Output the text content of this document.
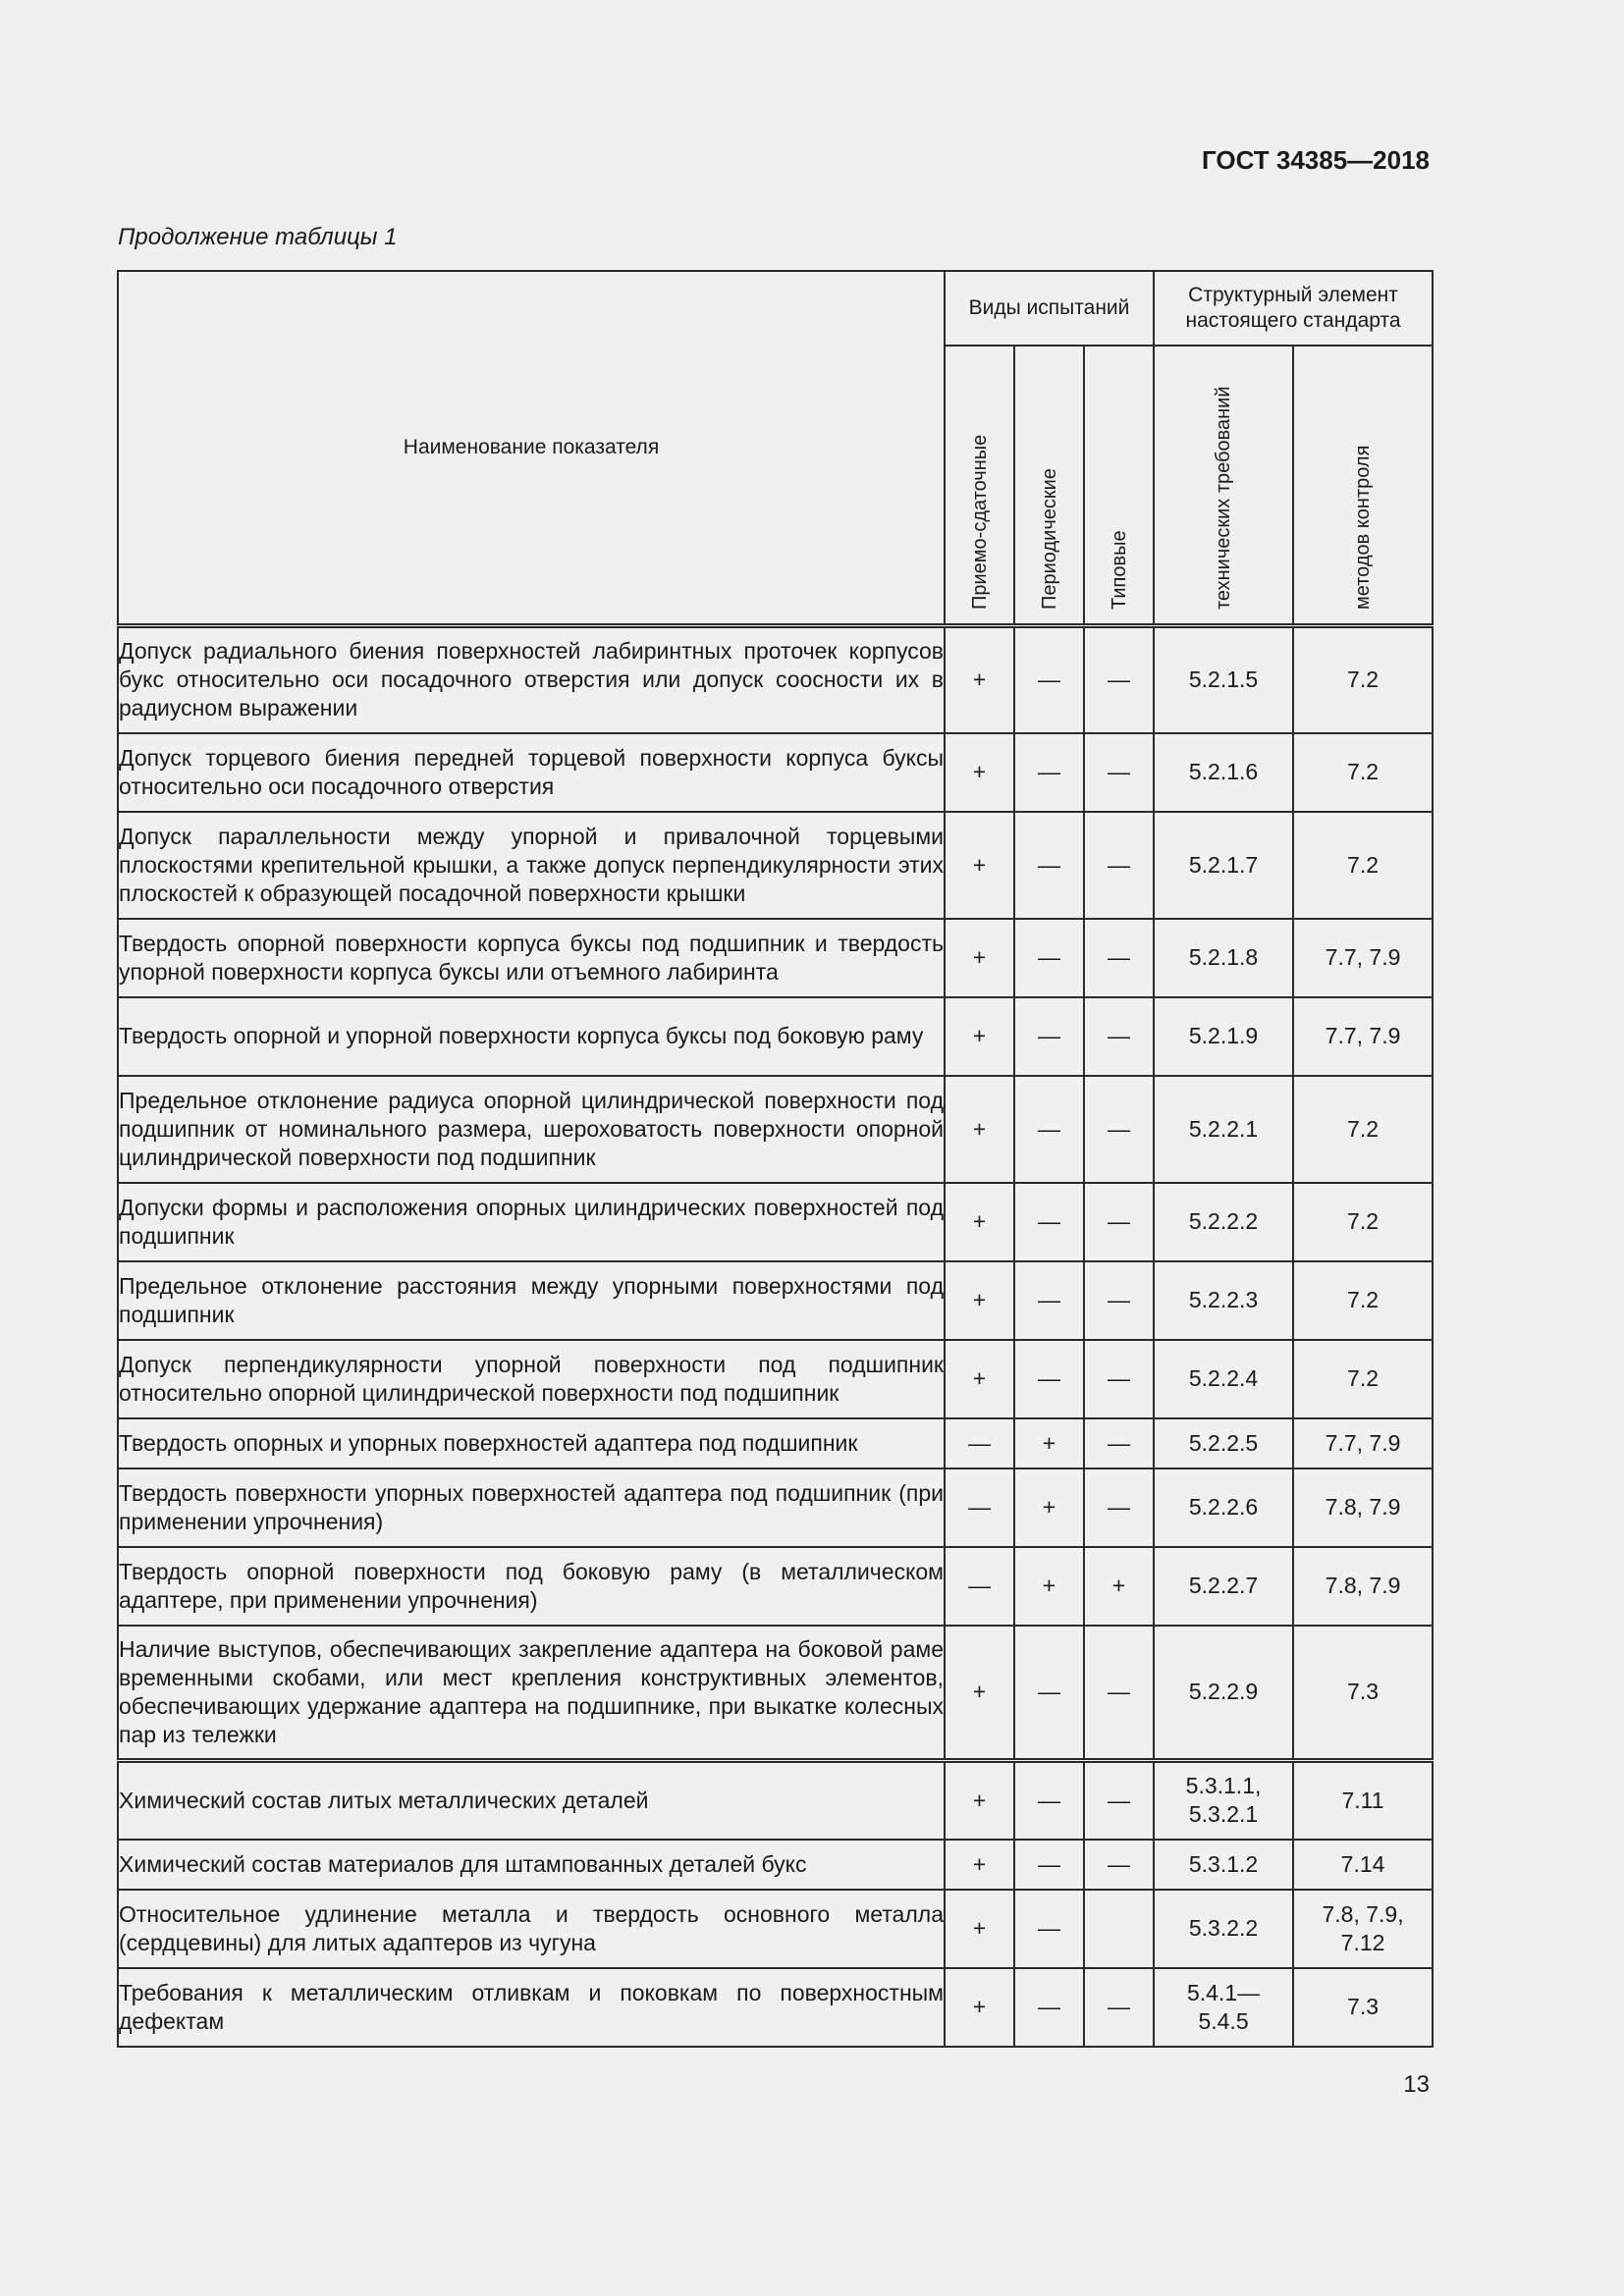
ГОСТ 34385—2018
Продолжение таблицы 1
Наименование показателя	Виды испытаний			Структурный элемент настоящего стандарта	

	Приемо-сдаточные	Периодические	Типовые	технических требований	методов контроля

Допуск радиального биения поверхностей лабиринтных проточек корпусов букс относительно оси посадочного отверстия или допуск соосности их в радиусном выражении	+	—	—	5.2.1.5	7.2
Допуск торцевого биения передней торцевой поверхности корпуса буксы относительно оси посадочного отверстия	+	—	—	5.2.1.6	7.2
Допуск параллельности между упорной и привалочной торцевыми плоскостями крепительной крышки, а также допуск перпендикулярности этих плоскостей к образующей посадочной поверхности крышки	+	—	—	5.2.1.7	7.2
Твердость опорной поверхности корпуса буксы под подшипник и твердость упорной поверхности корпуса буксы или отъемного лабиринта	+	—	—	5.2.1.8	7.7, 7.9
Твердость опорной и упорной поверхности корпуса буксы под боковую раму	+	—	—	5.2.1.9	7.7, 7.9
Предельное отклонение радиуса опорной цилиндрической поверхности под подшипник от номинального размера, шероховатость поверхности опорной цилиндрической поверхности под подшипник	+	—	—	5.2.2.1	7.2
Допуски формы и расположения опорных цилиндрических поверхностей под подшипник	+	—	—	5.2.2.2	7.2
Предельное отклонение расстояния между упорными поверхностями под подшипник	+	—	—	5.2.2.3	7.2
Допуск перпендикулярности упорной поверхности под подшипник относительно опорной цилиндрической поверхности под подшипник	+	—	—	5.2.2.4	7.2
Твердость опорных и упорных поверхностей адаптера под подшипник	—	+	—	5.2.2.5	7.7, 7.9
Твердость поверхности упорных поверхностей адаптера под подшипник (при применении упрочнения)	—	+	—	5.2.2.6	7.8, 7.9
Твердость опорной поверхности под боковую раму (в металлическом адаптере, при применении упрочнения)	—	+	+	5.2.2.7	7.8, 7.9
Наличие выступов, обеспечивающих закрепление адаптера на боковой раме временными скобами, или мест крепления конструктивных элементов, обеспечивающих удержание адаптера на подшипнике, при выкатке колесных пар из тележки	+	—	—	5.2.2.9	7.3
Химический состав литых металлических деталей	+	—	—	5.3.1.1, 5.3.2.1	7.11
Химический состав материалов для штампованных деталей букс	+	—	—	5.3.1.2	7.14
Относительное удлинение металла и твердость основного металла (сердцевины) для литых адаптеров из чугуна	+	—		5.3.2.2	7.8, 7.9, 7.12
Требования к металлическим отливкам и поковкам по поверхностным дефектам	+	—	—	5.4.1—5.4.5	7.3
13
